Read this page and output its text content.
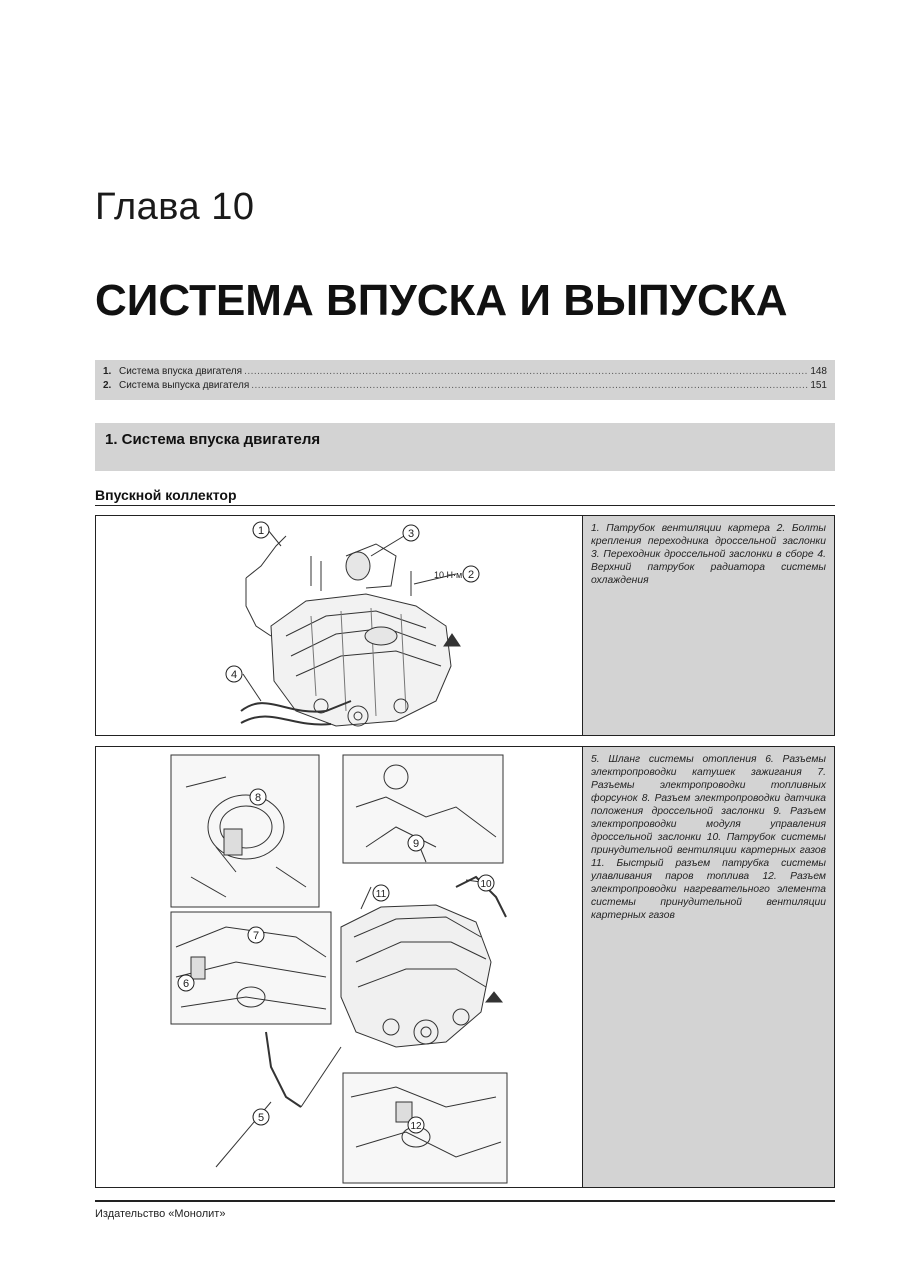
Глава 10
СИСТЕМА ВПУСКА И ВЫПУСКА
1. Система впуска двигателя .....	148
2. Система выпуска двигателя .....	151
1. Система впуска двигателя
Впускной коллектор
1
2
3
4
10 Н·м
1. Патрубок вентиляции картера 2. Болты крепления переходника дроссельной заслонки 3. Переходник дроссельной заслонки в сборе 4. Верхний патрубок радиатора системы охлаждения
8
9
11
10
7
6
5
12
5. Шланг системы отопления 6. Разъемы электропроводки катушек зажигания 7. Разъемы электропроводки топливных форсунок 8. Разъем электропроводки датчика положения дроссельной заслонки 9. Разъем электропроводки модуля управления дроссельной заслонки 10. Патрубок системы принудительной вентиляции картерных газов 11. Быстрый разъем патрубка системы улавливания паров топлива 12. Разъем электропроводки нагревательного элемента системы принудительной вентиляции картерных газов
Издательство «Монолит»
